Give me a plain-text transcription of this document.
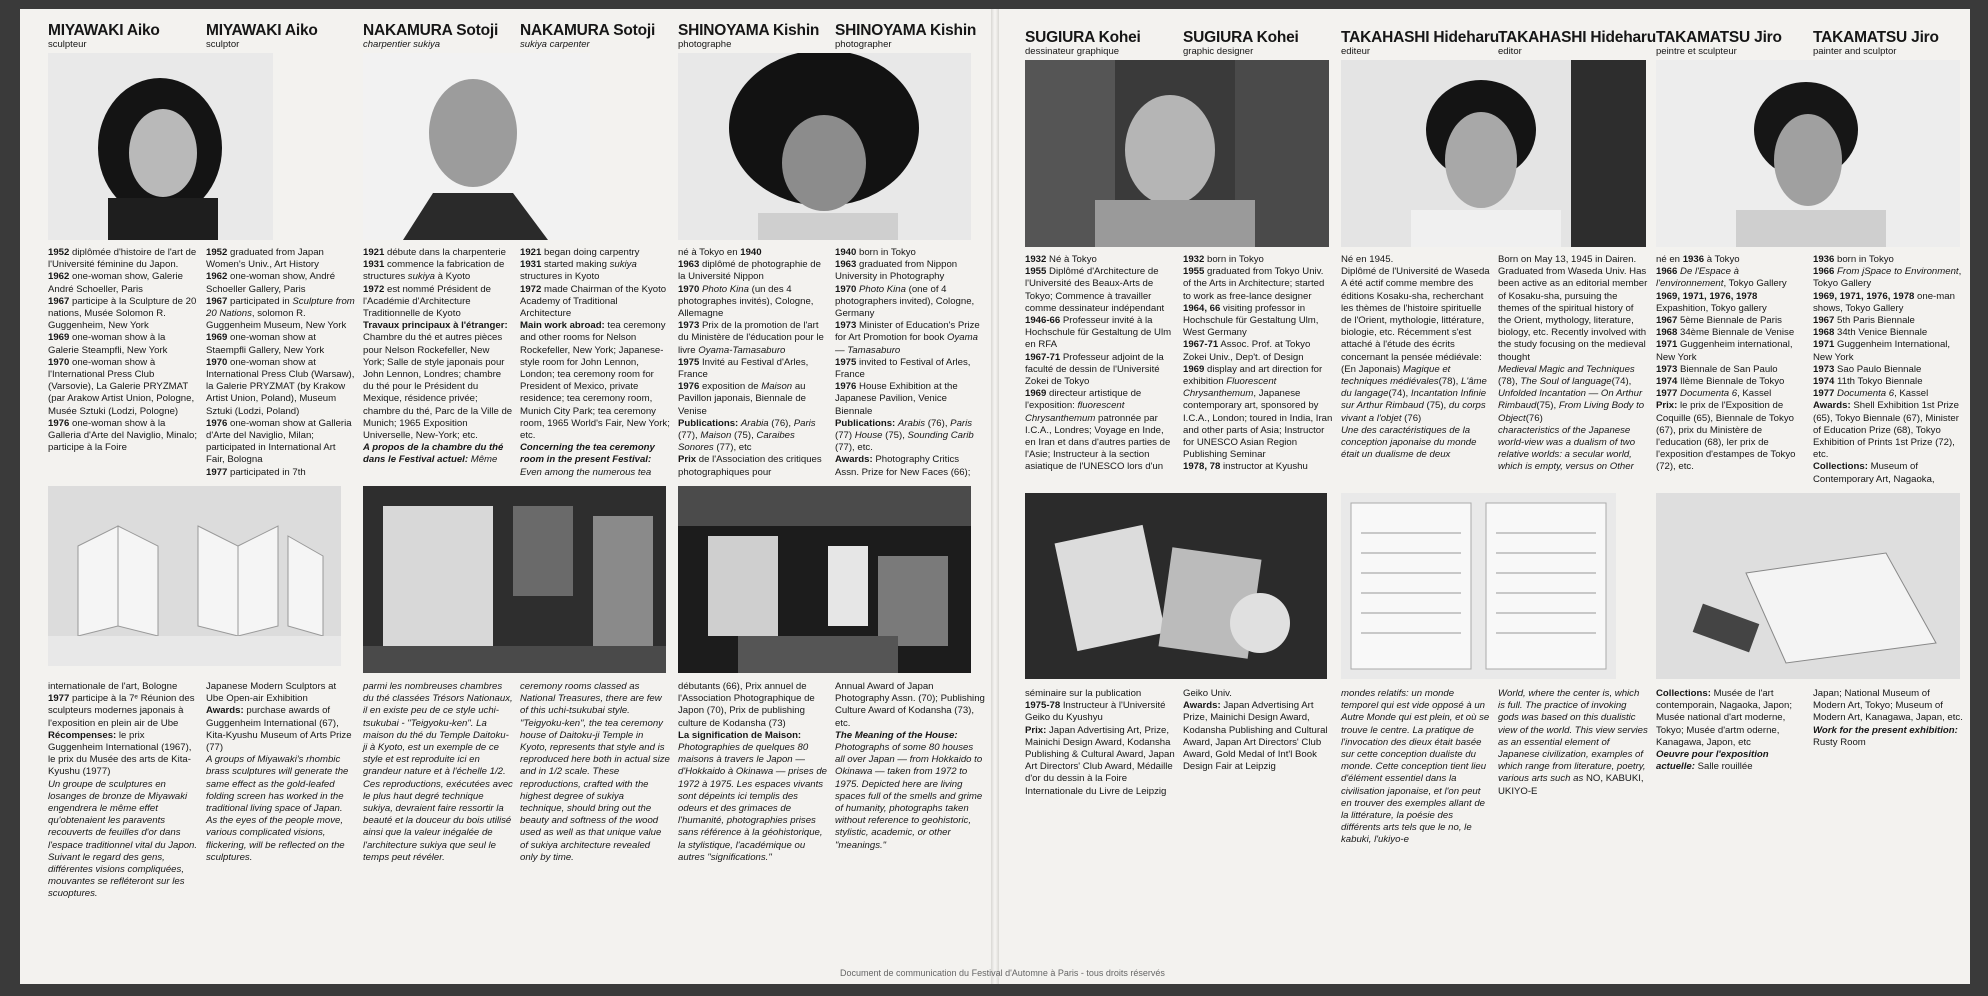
MIYAWAKI Aiko
sculpteur
MIYAWAKI Aiko
sculptor
NAKAMURA Sotoji
charpentier sukiya
NAKAMURA Sotoji
sukiya carpenter
SHINOYAMA Kishin
photographe
SHINOYAMA Kishin
photographer	SUGIURA Kohei
dessinateur graphique
SUGIURA Kohei
graphic designer
TAKAHASHI Hideharu
editeur
TAKAHASHI Hideharu
editor
TAKAMATSU Jiro
peintre et sculpteur
TAKAMATSU Jiro
painter and sculptor
1952 diplômée d'histoire de l'art de l'Université féminine du Japon.
1962 one-woman show, Galerie André Schoeller, Paris
1967 participe à la Sculpture de 20 nations, Musée Solomon R. Guggenheim, New York
1969 one-woman show à la Galerie Steampfli, New York
1970 one-woman show à l'International Press Club (Varsovie), La Galerie PRYZMAT (par Arakow Artist Union, Pologne, Musée Sztuki (Lodzi, Pologne)
1976 one-woman show à la Galleria d'Arte del Naviglio, Minalo; participe à la Foire
1952 graduated from Japan Women's Univ., Art History
1962 one-woman show, André Schoeller Gallery, Paris
1967 participated in Sculpture from 20 Nations, solomon R. Guggenheim Museum, New York
1969 one-woman show at Staempfli Gallery, New York
1970 one-woman show at International Press Club (Warsaw), la Galerie PRYZMAT (by Krakow Artist Union, Poland), Museum Sztuki (Lodzi, Poland)
1976 one-woman show at Galleria d'Arte del Naviglio, Milan; participated in International Art Fair, Bologna
1977 participated in 7th
1921 débute dans la charpenterie
1931 commence la fabrication de structures sukiya à Kyoto
1972 est nommé Président de l'Académie d'Architecture Traditionnelle de Kyoto
Travaux principaux à l'étranger: Chambre du thé et autres pièces pour Nelson Rockefeller, New York; Salle de style japonais pour John Lennon, Londres; chambre du thé pour le Président du Mexique, résidence privée; chambre du thé, Parc de la Ville de Munich; 1965 Exposition Universelle, New-York; etc.
A propos de la chambre du thé dans le Festival actuel: Même
1921 began doing carpentry
1931 started making sukiya structures in Kyoto
1972 made Chairman of the Kyoto Academy of Traditional Architecture
Main work abroad: tea ceremony and other rooms for Nelson Rockefeller, New York; Japanese-style room for John Lennon, London; tea ceremony room for President of Mexico, private residence; tea ceremony room, Munich City Park; tea ceremony room, 1965 World's Fair, New York; etc.
Concerning the tea ceremony room in the present Festival: Even among the numerous tea
né à Tokyo en 1940
1963 diplômé de photographie de la Université Nippon
1970 Photo Kina (un des 4 photographes invités), Cologne, Allemagne
1973 Prix de la promotion de l'art du Ministère de l'éducation pour le livre Oyama-Tamasaburo
1975 Invité au Festival d'Arles, France
1976 exposition de Maison au Pavillon japonais, Biennale de Venise
Publications: Arabia (76), Paris (77), Maison (75), Caraibes Sonores (77), etc
Prix de l'Association des critiques photographiques pour
1940 born in Tokyo
1963 graduated from Nippon University in Photography
1970 Photo Kina (one of 4 photographers invited), Cologne, Germany
1973 Minister of Education's Prize for Art Promotion for book Oyama — Tamasaburo
1975 invited to Festival of Arles, France
1976 House Exhibition at the Japanese Pavilion, Venice Biennale
Publications: Arabis (76), Paris (77) House (75), Sounding Carib (77), etc.
Awards: Photography Critics Assn. Prize for New Faces (66);
1932 Né à Tokyo
1955 Diplômé d'Architecture de l'Université des Beaux-Arts de Tokyo; Commence à travailler comme dessinateur indépendant
1946-66 Professeur invité à la Hochschule für Gestaltung de Ulm en RFA
1967-71 Professeur adjoint de la faculté de dessin de l'Université Zokei de Tokyo
1969 directeur artistique de l'exposition: fluorescent Chrysanthemum patronnée par I.C.A., Londres; Voyage en Inde, en Iran et dans d'autres parties de l'Asie; Instructeur à la section asiatique de l'UNESCO lors d'un
1932 born in Tokyo
1955 graduated from Tokyo Univ. of the Arts in Architecture; started to work as free-lance designer
1964, 66 visiting professor in Hochschule für Gestaltung Ulm, West Germany
1967-71 Assoc. Prof. at Tokyo Zokei Univ., Dep't. of Design
1969 display and art direction for exhibition Fluorescent Chrysanthemum, Japanese contemporary art, sponsored by I.C.A., London; toured in India, Iran and other parts of Asia; Instructor for UNESCO Asian Region Publishing Seminar
1978, 78 instructor at Kyushu
Né en 1945.
Diplômé de l'Université de Waseda
A été actif comme membre des éditions Kosaku-sha, recherchant les thèmes de l'histoire spirituelle de l'Orient, mythologie, littérature, biologie, etc. Récemment s'est attaché à l'étude des écrits concernant la pensée médiévale: (En Japonais) Magique et techniques médiévales(78), L'âme du langage(74), Incantation Infinie sur Arthur Rimbaud (75), du corps vivant a l'objet (76)
Une des caractéristiques de la conception japonaise du monde était un dualisme de deux
Born on May 13, 1945 in Dairen. Graduated from Waseda Univ. Has been active as an editorial member of Kosaku-sha, pursuing the themes of the spiritual history of the Orient, mythology, literature, biology, etc. Recently involved with the study focusing on the medieval thought
Medieval Magic and Techniques (78), The Soul of language(74), Unfolded Incantation — On Arthur Rimbaud(75), From Living Body to Object(76)
characteristics of the Japanese world-view was a dualism of two relative worlds: a secular world, which is empty, versus on Other
né en 1936 à Tokyo
1966 De l'Espace à l'environnement, Tokyo Gallery
1969, 1971, 1976, 1978 Expashition, Tokyo gallery
1967 5ème Biennale de Paris
1968 34ème Biennale de Venise
1971 Guggenheim international, New York
1973 Biennale de San Paulo
1974 Ilème Biennale de Tokyo
1977 Documenta 6, Kassel
Prix: le prix de l'Exposition de Coquille (65), Biennale de Tokyo (67), prix du Ministère de l'education (68), ler prix de l'exposition d'estampes de Tokyo (72), etc.
1936 born in Tokyo
1966 From jSpace to Environment, Tokyo Gallery
1969, 1971, 1976, 1978 one-man shows, Tokyo Gallery
1967 5th Paris Biennale
1968 34th Venice Biennale
1971 Guggenheim International, New York
1973 Sao Paulo Biennale
1974 11th Tokyo Biennale
1977 Documenta 6, Kassel
Awards: Shell Exhibition 1st Prize (65), Tokyo Biennale (67), Minister of Education Prize (68), Tokyo Exhibition of Prints 1st Prize (72), etc.
Collections: Museum of Contemporary Art, Nagaoka,
internationale de l'art, Bologne
1977 participe à la 7ᵉ Réunion des sculpteurs modernes japonais à l'exposition en plein air de Ube
Récompenses: le prix Guggenheim International (1967), le prix du Musée des arts de Kita-Kyushu (1977)
Un groupe de sculptures en losanges de bronze de Miyawaki engendrera le même effet qu'obtenaient les paravents recouverts de feuilles d'or dans l'espace traditionnel vital du Japon. Suivant le regard des gens, différentes visions compliquées, mouvantes se refléteront sur les scuoptures.
Japanese Modern Sculptors at Ube Open-air Exhibition
Awards: purchase awards of Guggenheim International (67), Kita-Kyushu Museum of Arts Prize (77)
A groups of Miyawaki's rhombic brass sculptures will generate the same effect as the gold-leafed folding screen has worked in the traditional living space of Japan. As the eyes of the people move, various complicated visions, flickering, will be reflected on the sculptures.
parmi les nombreuses chambres du thé classées Trésors Nationaux, il en existe peu de ce style uchi-tsukubai - "Teigyoku-ken". La maison du thé du Temple Daitoku-ji à Kyoto, est un exemple de ce style et est reproduite ici en grandeur nature et à l'échelle 1/2. Ces reproductions, exécutées avec le plus haut degré technique sukiya, devraient faire ressortir la beauté et la douceur du bois utilisé ainsi que la valeur inégalée de l'architecture sukiya que seul le temps peut révéler.
ceremony rooms classed as National Treasures, there are few of this uchi-tsukubai style. "Teigyoku-ken", the tea ceremony house of Daitoku-ji Temple in Kyoto, represents that style and is reproduced here both in actual size and in 1/2 scale. These reproductions, crafted with the highest degree of sukiya technique, should bring out the beauty and softness of the wood used as well as that unique value of sukiya architecture revealed only by time.
débutants (66), Prix annuel de l'Association Photographique de Japon (70), Prix de publishing culture de Kodansha (73)
La signification de Maison: Photographies de quelques 80 maisons à travers le Japon — d'Hokkaido à Okinawa — prises de 1972 à 1975. Les espaces vivants sont dépeints ici templis des odeurs et des grimaces de l'humanité, photographies prises sans référence à la géohistorique, la stylistique, l'académique ou autres "significations."
Annual Award of Japan Photography Assn. (70); Publishing Culture Award of Kodansha (73), etc.
The Meaning of the House: Photographs of some 80 houses all over Japan — from Hokkaido to Okinawa — taken from 1972 to 1975. Depicted here are living spaces full of the smells and grime of humanity, photographs taken without reference to geohistoric, stylistic, academic, or other "meanings."
séminaire sur la publication
1975-78 Instructeur à l'Université Geiko du Kyushyu
Prix: Japan Advertising Art, Prize, Mainichi Design Award, Kodansha Publishing & Cultural Award, Japan Art Directors' Club Award, Médaille d'or du dessin à la Foire Internationale du Livre de Leipzig
Geiko Univ.
Awards: Japan Advertising Art Prize, Mainichi Design Award, Kodansha Publishing and Cultural Award, Japan Art Directors' Club Award, Gold Medal of Int'l Book Design Fair at Leipzig
mondes relatifs: un monde temporel qui est vide opposé à un Autre Monde qui est plein, et où se trouve le centre. La pratique de l'invocation des dieux était basée sur cette conception dualiste du monde. Cette conception tient lieu d'élément essentiel dans la civilisation japonaise, et l'on peut en trouver des exemples allant de la littérature, la poésie des différents arts tels que le no, le kabuki, l'ukiyo-e
World, where the center is, which is full. The practice of invoking gods was based on this dualistic view of the world. This view servies as an essential element of Japanese civilization, examples of which range from literature, poetry, various arts such as NO, KABUKI, UKIYO-E
Collections: Musée de l'art contemporain, Nagaoka, Japon; Musée national d'art moderne, Tokyo; Musée d'artm oderne, Kanagawa, Japon, etc
Oeuvre pour l'exposition actuelle: Salle rouillée
Japan; National Museum of Modern Art, Tokyo; Museum of Modern Art, Kanagawa, Japan, etc.
Work for the present exhibition: Rusty Room
Document de communication du Festival d'Automne à Paris - tous droits réservés
